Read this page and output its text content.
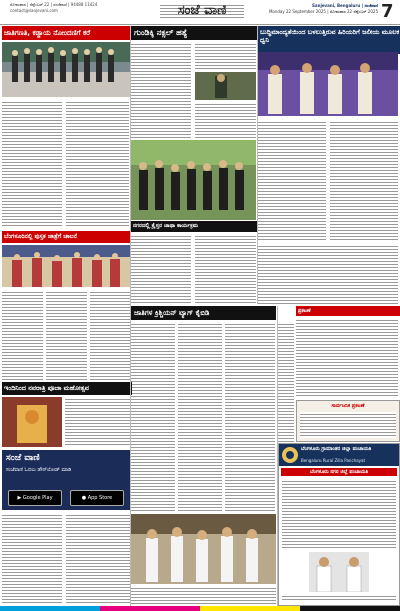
ಸೋಮವಾರ | ಸೆಪ್ಟೆಂಬರ್ 22 | ಸಂಜೆವಾಣಿ | 94488 11424
contact@sanjevani.com	ಸಂಜೆ ವಾಣಿ	Sanjevani, Bengaluru | ಸಂಜೆವಾಣಿ
Monday 22 September 2025 | ಸೋಮವಾರ 22 ಸೆಪ್ಟೆಂಬರ್ 2025 7
ಜಾತಿಗಣತಿ, ಕಡ್ಡಾಯ ನೋಂದಣಿಗೆ ಕರೆ	ಗುಂಡಿಕ್ಕಿ ನಕ್ಸಲ್ ಹತ್ಯೆ	ಬುದ್ಧಿಮಾಂದ್ಯತೆಯಿಂದ ಬಳಲುತ್ತಿರುವ ಹಿರಿಯರಿಗೆ ಜಲೀಯ ಮೂಲಕ ಧ್ವನಿ
ಬೆಂಗಳೂರಿನಲ್ಲಿ ಪುಸ್ತಕ ಜಾತ್ರೆಗೆ ಚಾಲನೆ
ನಗರದಲ್ಲಿ ಕ್ರೈಸ್ತರ ಜಾಥಾ ಕಾರ್ಯಕ್ರಮ
ಜಾತಿಗಳ ಕ್ರಿಶ್ಚಿಯನ್ ಟ್ಯಾಗ್ ಕೈಬಿಡಿ	ಪ್ರಕಟಣೆ
ಸಾರ್ವಜನಿಕ ಪ್ರಕಟಣೆ
ಇಂದಿನಿಂದ ನವರಾತ್ರಿ ಪೂಜಾ ಮಹೋತ್ಸವ
ಸಂಜೆ ವಾಣಿ
ಸಂಜೆವಾಣಿ ಓದಲು ಡೌನ್‌ಲೋಡ್ ಮಾಡಿ
▶ Google Play	● App Store
ಬೆಂಗಳೂರು ಗ್ರಾಮಾಂತರ ಜಿಲ್ಲಾ ಪಂಚಾಯತಿ
Bengaluru Rural Zilla Panchayat
ಬೆಂಗಳೂರು ನಗರ ಜಿಲ್ಲೆ ಪಂಚಾಯತಿ
